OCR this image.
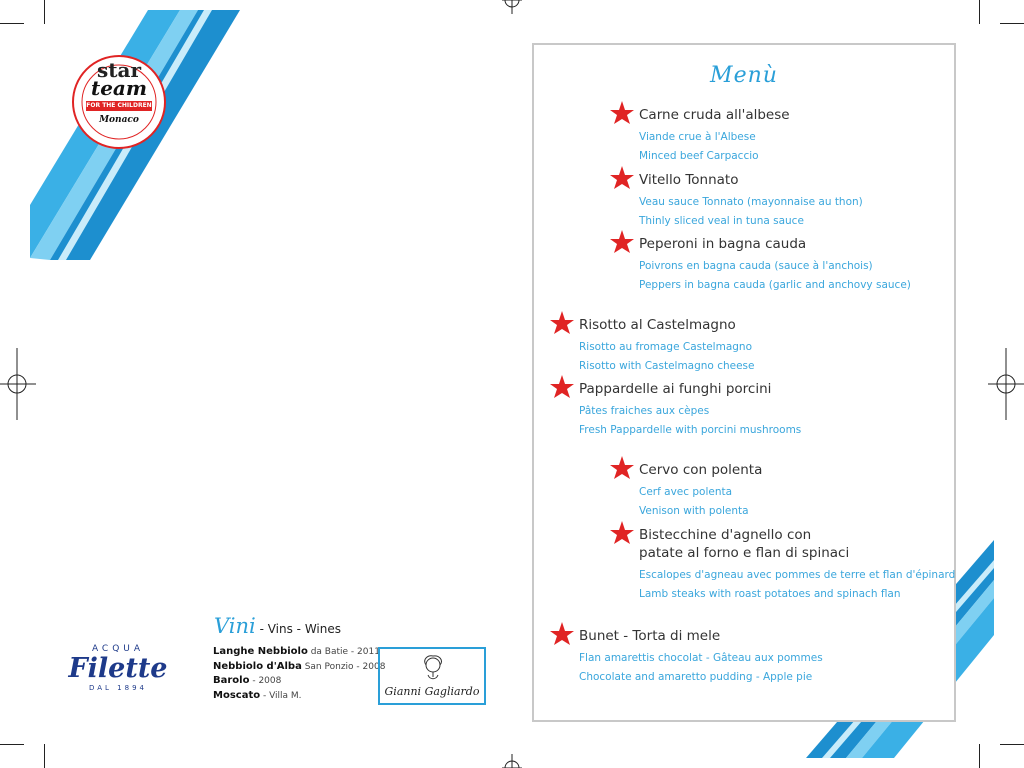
star
team
FOR THE CHILDREN
Monaco
Menù
Carne cruda all'albese
Viande crue à l'Albese
Minced beef Carpaccio
Vitello Tonnato
Veau sauce Tonnato (mayonnaise au thon)
Thinly sliced veal in tuna sauce
Peperoni in bagna cauda
Poivrons en bagna cauda (sauce à l'anchois)
Peppers in bagna cauda (garlic and anchovy sauce)
Risotto al Castelmagno
Risotto au fromage Castelmagno
Risotto with Castelmagno cheese
Pappardelle ai funghi porcini
Pâtes fraiches aux cèpes
Fresh Pappardelle with porcini mushrooms
Cervo con polenta
Cerf avec polenta
Venison with polenta
Bistecchine d'agnello con
patate al forno e flan di spinaci
Escalopes d'agneau avec pommes de terre et flan d'épinard
Lamb steaks with roast potatoes and spinach flan
Bunet - Torta di mele
Flan amarettis chocolat - Gâteau aux pommes
Chocolate and amaretto pudding - Apple pie
Vini - Vins - Wines
Langhe Nebbiolo da Batie - 2011
Nebbiolo d'Alba San Ponzio - 2008
Barolo - 2008
Moscato - Villa M.
ACQUA
Filette
DAL 1894	Gianni Gagliardo
